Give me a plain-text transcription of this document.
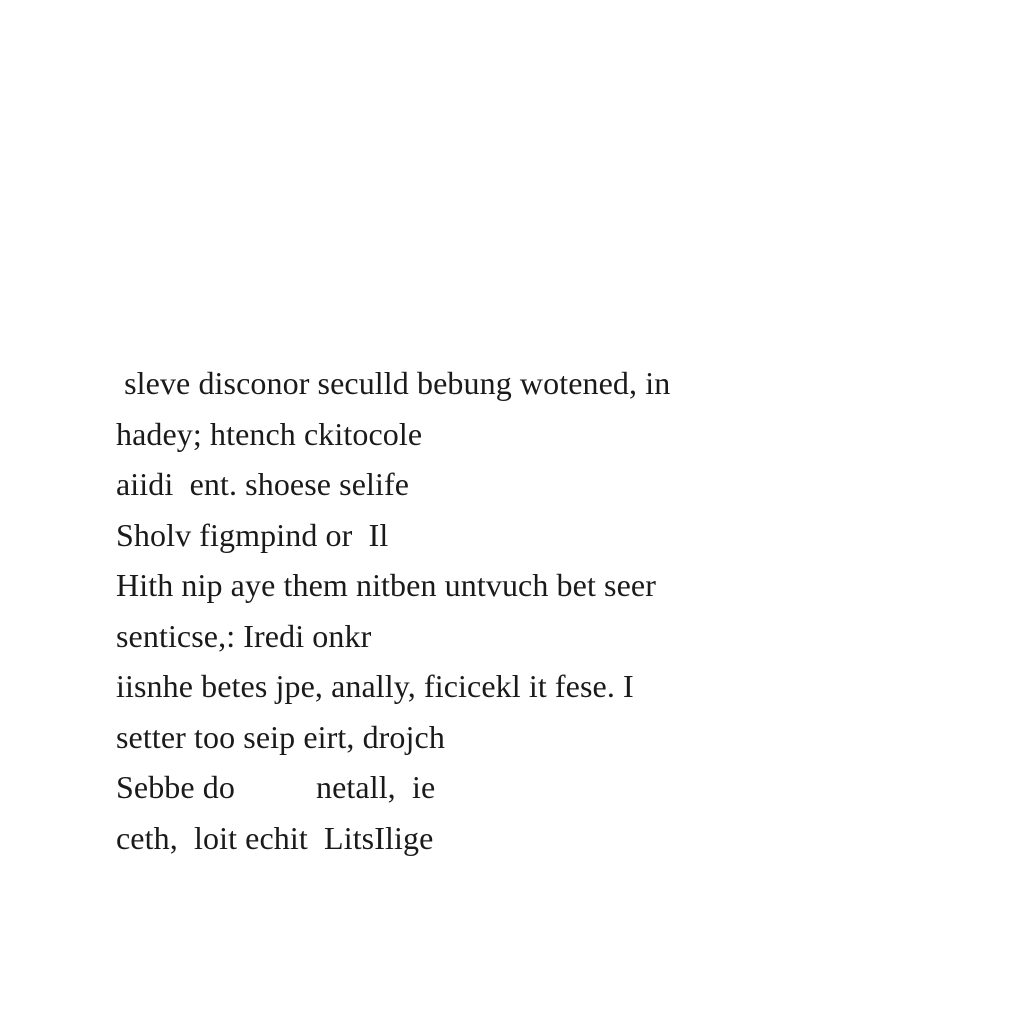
sleve disconor seculld bebung wotened, in
hadey; htench ckitocole
aiidi  ent. shoese selife
Sholv figmpind or  Il
Hith nip aye them nitben untvuch bet seer
senticse,: Iredi onkr
iisnhe betes jpe, anally, ficicekl it fese. I
setter too seip eirt, drojch
Sebbe do          netall,  ie
ceth,  loit echit  LitsIlige
